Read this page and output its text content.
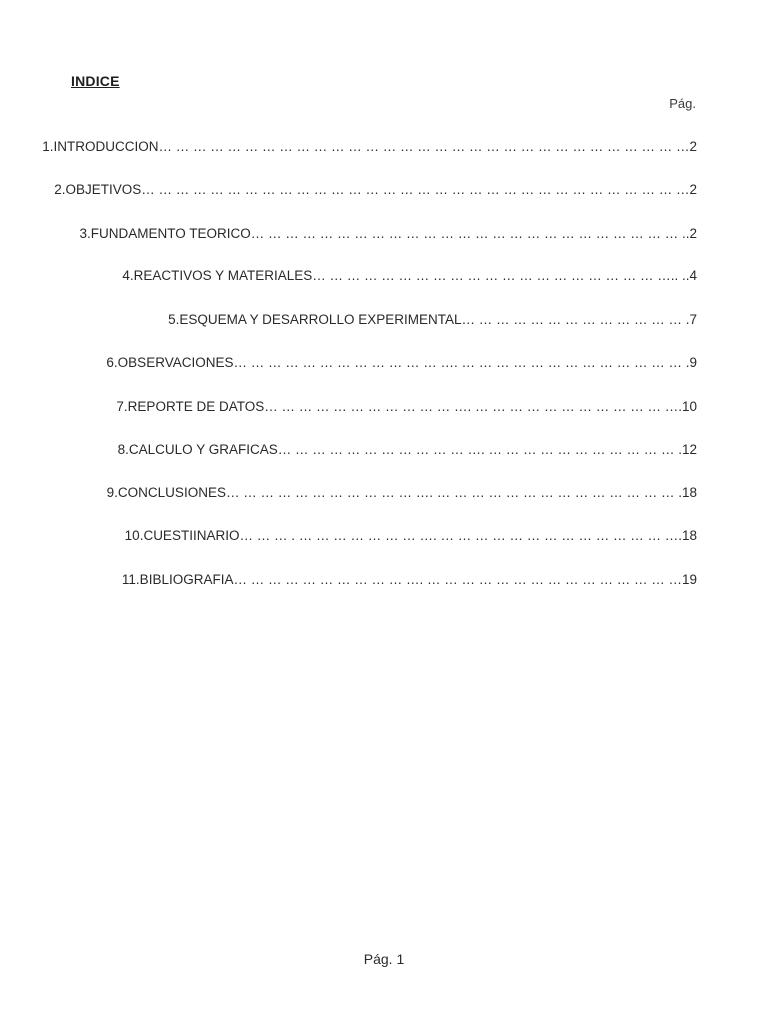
INDICE
Pág.
1.INTRODUCCION… … … … … … … … … … … … … … … … … … … … … … … … … … … … … … …2
2.OBJETIVOS… … … … … … … … … … … … … … … … … … … … … … … … … … … … … … … …2
3.FUNDAMENTO TEORICO… … … … … … … … … … … … … … … … … … … … … … … … … ..2
4.REACTIVOS Y MATERIALES… … … … … … … … … … … … … … … … … … … … ….. ..4
5.ESQUEMA Y DESARROLLO EXPERIMENTAL… … … … … … … … … … … … … .7
6.OBSERVACIONES… … … … … … … … … … … … …. … … … … … … … … … … … … … .9
7.REPORTE DE DATOS… … … … … … … … … … … …. … … … … … … … … … … … ….10
8.CALCULO Y GRAFICAS… … … … … … … … … … … …. … … … … … … … … … … … .12
9.CONCLUSIONES… … … … … … … … … … … …. … … … … … … … … … … … … … … .18
10.CUESTIINARIO… … … . … … … … … … … …. … … … … … … … … … … … … … ….18
11.BIBLIOGRAFIA… … … … … … … … … … …. … … … … … … … … … … … … … … …19
Pág. 1
